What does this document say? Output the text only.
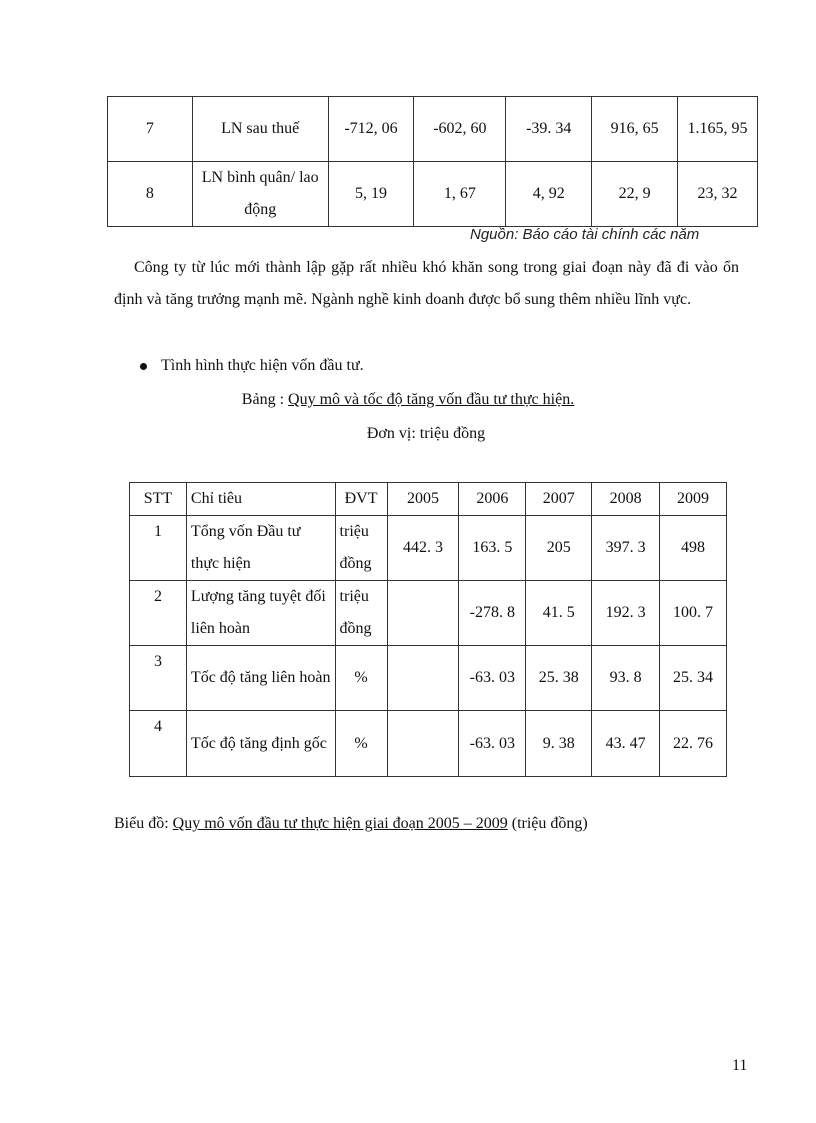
7	LN sau thuế	-712, 06	-602, 60	-39. 34	916, 65	1.165, 95
8	LN bình quân/ lao động	5, 19	1, 67	4, 92	22, 9	23, 32
Nguồn: Báo cáo tài chính các năm
Công ty từ lúc mới thành lập gặp rất nhiều khó khăn song trong giai đoạn này đã đi vào ổn định và tăng trưởng mạnh mẽ. Ngành nghề kinh doanh được bổ sung thêm nhiều lĩnh vực.
Tình hình thực hiện vốn đầu tư.
Bảng : Quy mô và tốc độ tăng vốn đầu tư thực hiện.
Đơn vị: triệu đồng
STT	Chỉ tiêu	ĐVT	2005	2006	2007	2008	2009
1	Tổng vốn Đầu tư thực hiện	triệu đồng	442. 3	163. 5	205	397. 3	498
2	Lượng tăng tuyệt đối liên hoàn	triệu đồng		-278. 8	41. 5	192. 3	100. 7
3	Tốc độ tăng liên hoàn	%		-63. 03	25. 38	93. 8	25. 34
4	Tốc độ tăng định gốc	%		-63. 03	9. 38	43. 47	22. 76
Biểu đồ: Quy mô vốn đầu tư thực hiện giai đoạn 2005 – 2009 (triệu đồng)
11
